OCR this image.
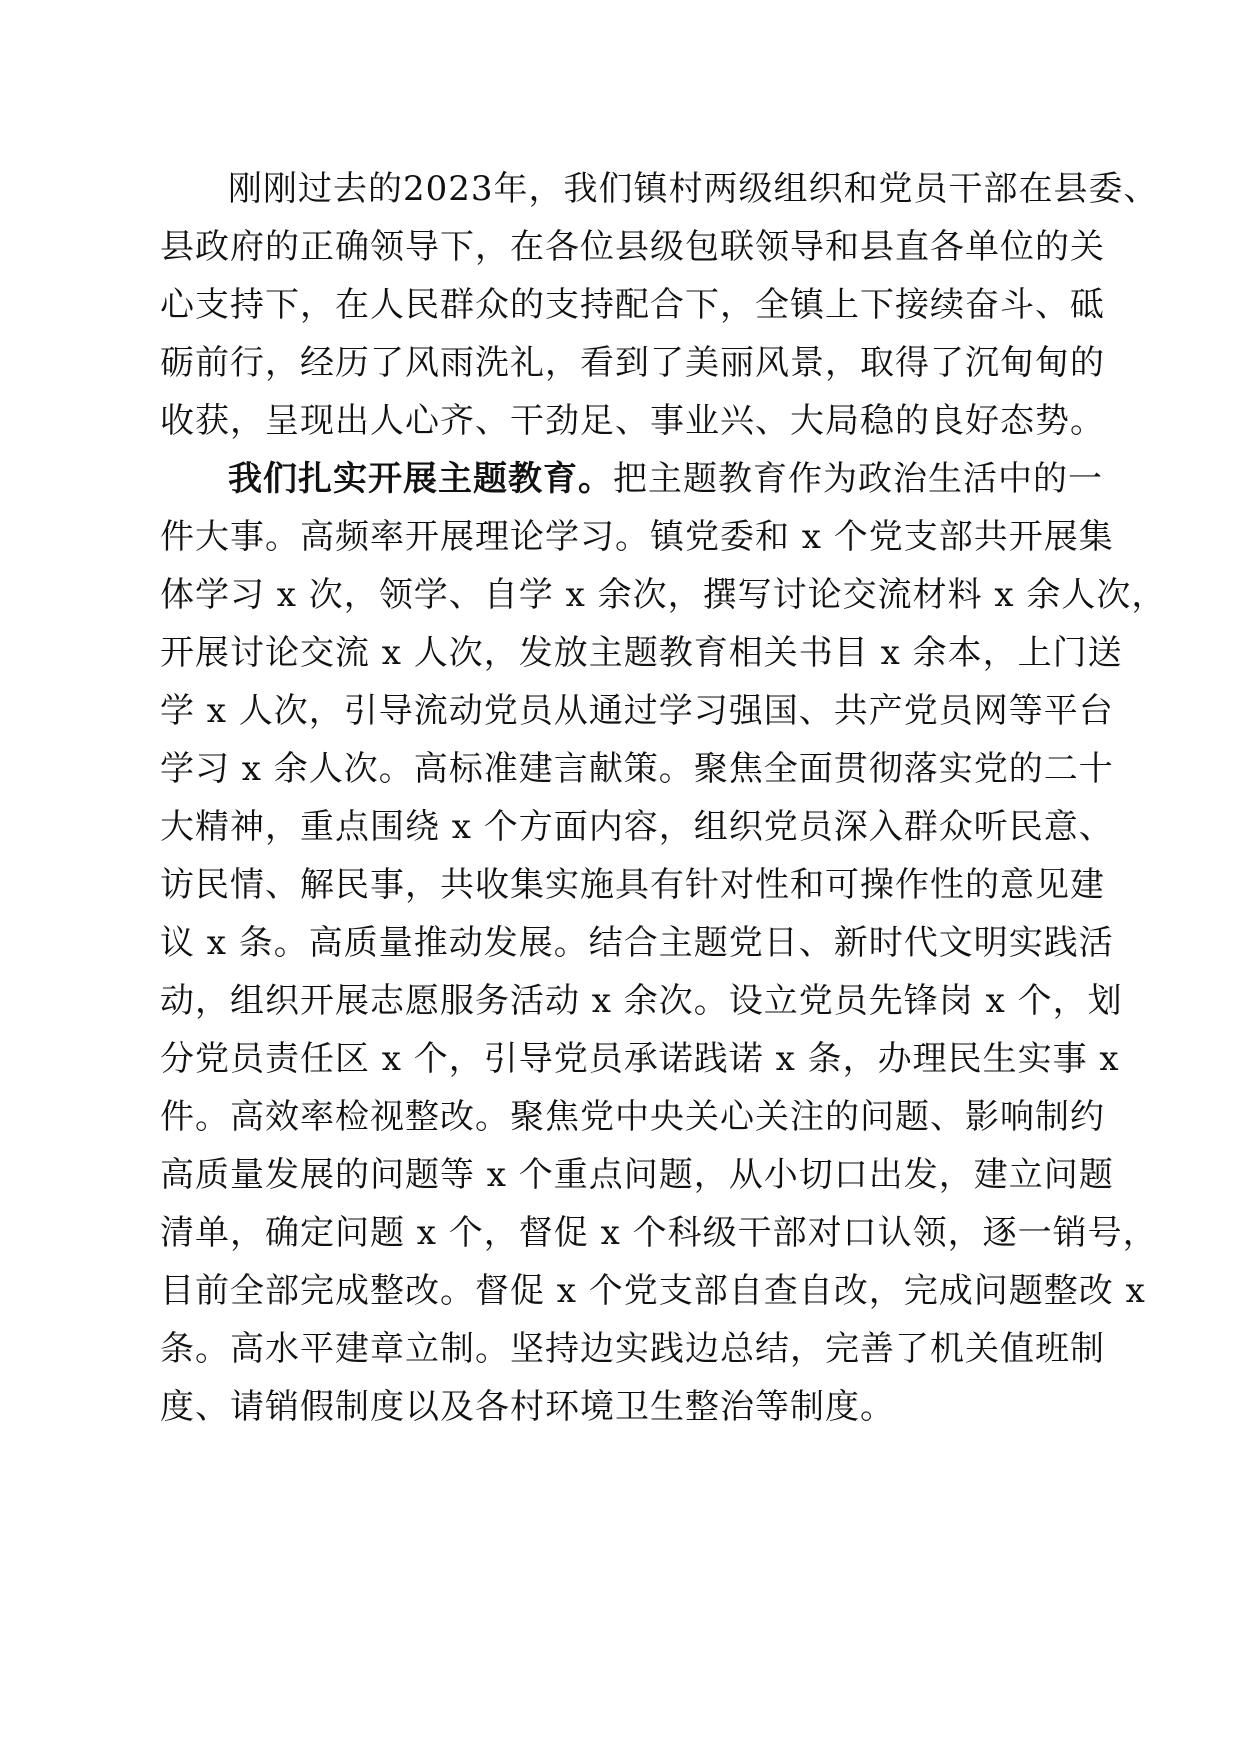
刚刚过去的2023年，我们镇村两级组织和党员干部在县委、
县政府的正确领导下，在各位县级包联领导和县直各单位的关
心支持下，在人民群众的支持配合下，全镇上下接续奋斗、砥
砺前行，经历了风雨洗礼，看到了美丽风景，取得了沉甸甸的
收获，呈现出人心齐、干劲足、事业兴、大局稳的良好态势。
我们扎实开展主题教育。把主题教育作为政治生活中的一
件大事。高频率开展理论学习。镇党委和 x 个党支部共开展集
体学习 x 次，领学、自学 x 余次，撰写讨论交流材料 x 余人次，
开展讨论交流 x 人次，发放主题教育相关书目 x 余本，上门送
学 x 人次，引导流动党员从通过学习强国、共产党员网等平台
学习 x 余人次。高标准建言献策。聚焦全面贯彻落实党的二十
大精神，重点围绕 x 个方面内容，组织党员深入群众听民意、
访民情、解民事，共收集实施具有针对性和可操作性的意见建
议 x 条。高质量推动发展。结合主题党日、新时代文明实践活
动，组织开展志愿服务活动 x 余次。设立党员先锋岗 x 个，划
分党员责任区 x 个，引导党员承诺践诺 x 条，办理民生实事 x
件。高效率检视整改。聚焦党中央关心关注的问题、影响制约
高质量发展的问题等 x 个重点问题，从小切口出发，建立问题
清单，确定问题 x 个，督促 x 个科级干部对口认领，逐一销号，
目前全部完成整改。督促 x 个党支部自查自改，完成问题整改 x
条。高水平建章立制。坚持边实践边总结，完善了机关值班制
度、请销假制度以及各村环境卫生整治等制度。
